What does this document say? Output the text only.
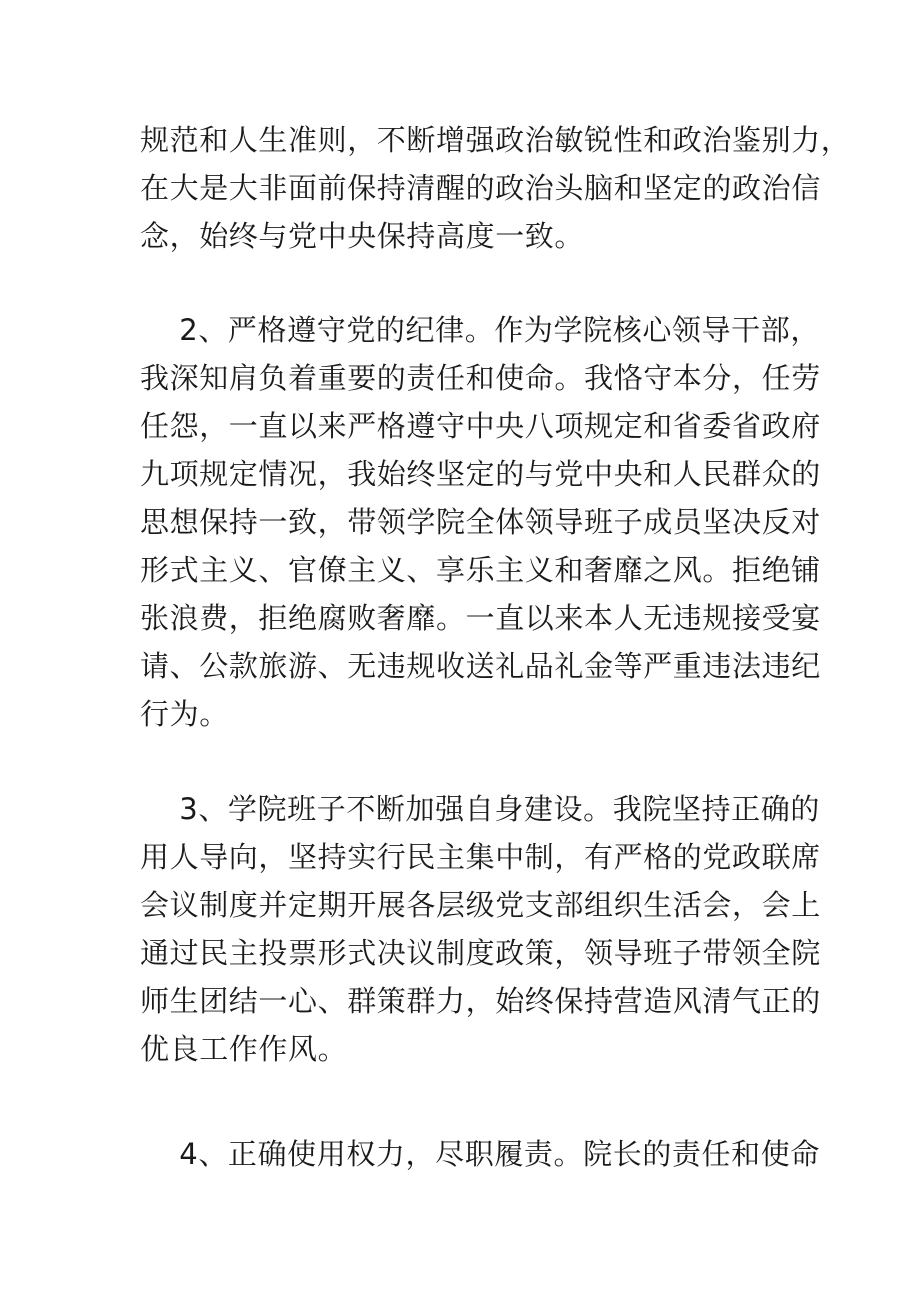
规范和人生准则，不断增强政治敏锐性和政治鉴别力，
在大是大非面前保持清醒的政治头脑和坚定的政治信
念，始终与党中央保持高度一致。

2、严格遵守党的纪律。作为学院核心领导干部，
我深知肩负着重要的责任和使命。我恪守本分，任劳
任怨，一直以来严格遵守中央八项规定和省委省政府
九项规定情况，我始终坚定的与党中央和人民群众的
思想保持一致，带领学院全体领导班子成员坚决反对
形式主义、官僚主义、享乐主义和奢靡之风。拒绝铺
张浪费，拒绝腐败奢靡。一直以来本人无违规接受宴
请、公款旅游、无违规收送礼品礼金等严重违法违纪
行为。

3、学院班子不断加强自身建设。我院坚持正确的
用人导向，坚持实行民主集中制，有严格的党政联席
会议制度并定期开展各层级党支部组织生活会，会上
通过民主投票形式决议制度政策，领导班子带领全院
师生团结一心、群策群力，始终保持营造风清气正的
优良工作作风。

4、正确使用权力，尽职履责。院长的责任和使命
